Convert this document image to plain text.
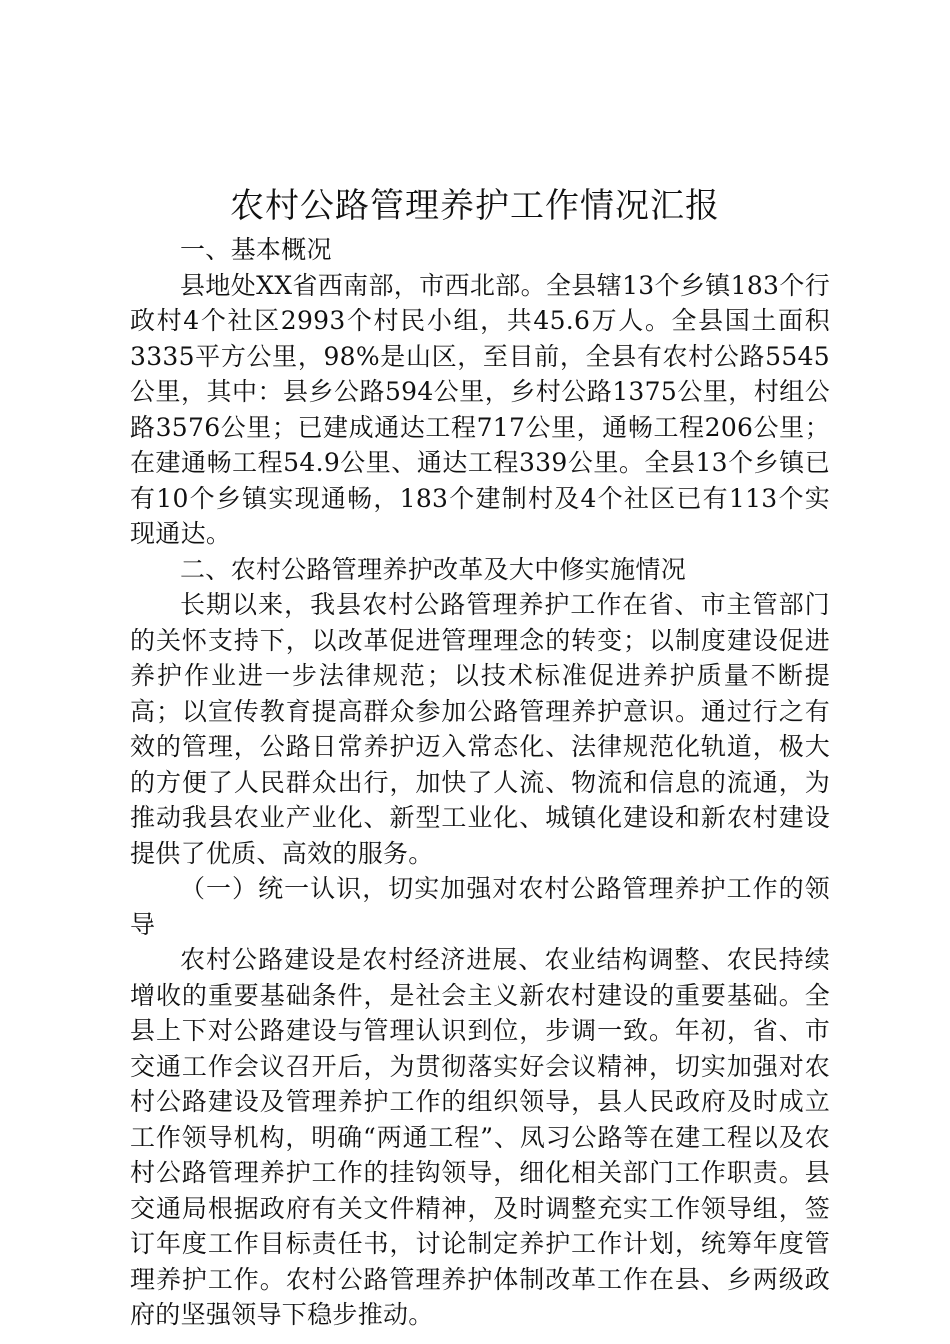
农村公路管理养护工作情况汇报

一、基本概况

县地处XX省西南部，市西北部。全县辖13个乡镇183个行政村4个社区2993个村民小组，共45.6万人。全县国土面积3335平方公里，98%是山区，至目前，全县有农村公路5545公里，其中：县乡公路594公里，乡村公路1375公里，村组公路3576公里；已建成通达工程717公里，通畅工程206公里；在建通畅工程54.9公里、通达工程339公里。全县13个乡镇已有10个乡镇实现通畅，183个建制村及4个社区已有113个实现通达。

二、农村公路管理养护改革及大中修实施情况

长期以来，我县农村公路管理养护工作在省、市主管部门的关怀支持下，以改革促进管理理念的转变；以制度建设促进养护作业进一步法律规范；以技术标准促进养护质量不断提高；以宣传教育提高群众参加公路管理养护意识。通过行之有效的管理，公路日常养护迈入常态化、法律规范化轨道，极大的方便了人民群众出行，加快了人流、物流和信息的流通，为推动我县农业产业化、新型工业化、城镇化建设和新农村建设提供了优质、高效的服务。

（一）统一认识，切实加强对农村公路管理养护工作的领导

农村公路建设是农村经济进展、农业结构调整、农民持续增收的重要基础条件，是社会主义新农村建设的重要基础。全县上下对公路建设与管理认识到位，步调一致。年初，省、市交通工作会议召开后，为贯彻落实好会议精神，切实加强对农村公路建设及管理养护工作的组织领导，县人民政府及时成立工作领导机构，明确“两通工程”、凤习公路等在建工程以及农村公路管理养护工作的挂钩领导，细化相关部门工作职责。县交通局根据政府有关文件精神，及时调整充实工作领导组，签订年度工作目标责任书，讨论制定养护工作计划，统筹年度管理养护工作。农村公路管理养护体制改革工作在县、乡两级政府的坚强领导下稳步推动。
